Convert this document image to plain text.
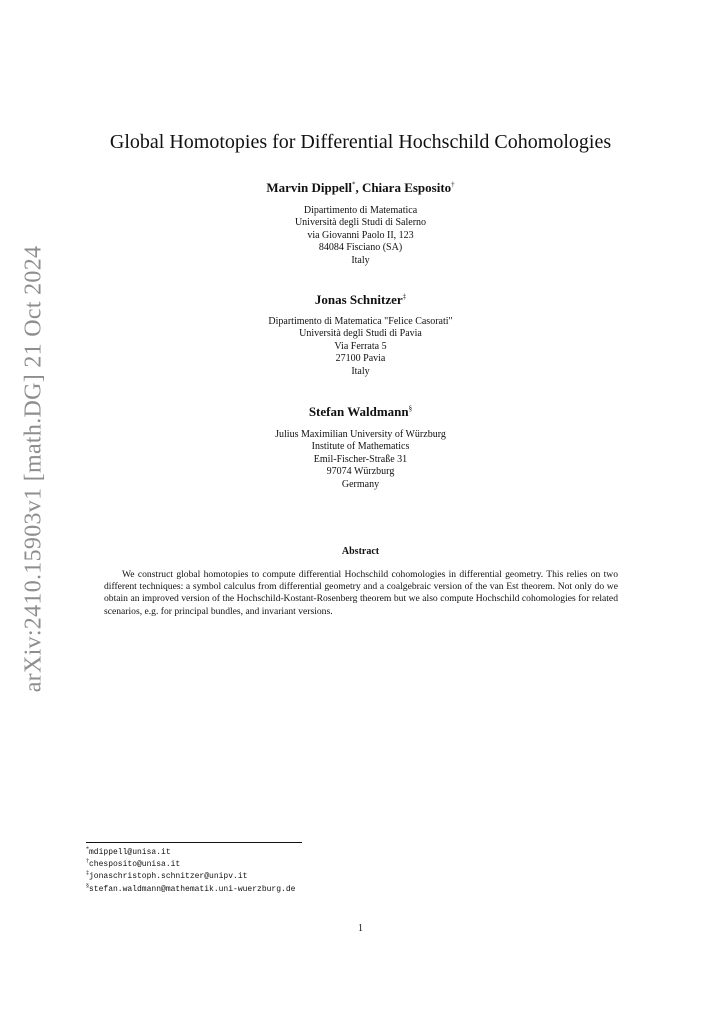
arXiv:2410.15903v1 [math.DG] 21 Oct 2024
Global Homotopies for Differential Hochschild Cohomologies
Marvin Dippell*, Chiara Esposito†
Dipartimento di Matematica
Università degli Studi di Salerno
via Giovanni Paolo II, 123
84084 Fisciano (SA)
Italy
Jonas Schnitzer‡
Dipartimento di Matematica "Felice Casorati"
Università degli Studi di Pavia
Via Ferrata 5
27100 Pavia
Italy
Stefan Waldmann§
Julius Maximilian University of Würzburg
Institute of Mathematics
Emil-Fischer-Straße 31
97074 Würzburg
Germany
Abstract
We construct global homotopies to compute differential Hochschild cohomologies in differential geometry. This relies on two different techniques: a symbol calculus from differential geometry and a coalgebraic version of the van Est theorem. Not only do we obtain an improved version of the Hochschild-Kostant-Rosenberg theorem but we also compute Hochschild cohomologies for related scenarios, e.g. for principal bundles, and invariant versions.
*mdippell@unisa.it
†chesposito@unisa.it
‡jonaschristoph.schnitzer@unipv.it
§stefan.waldmann@mathematik.uni-wuerzburg.de
1
